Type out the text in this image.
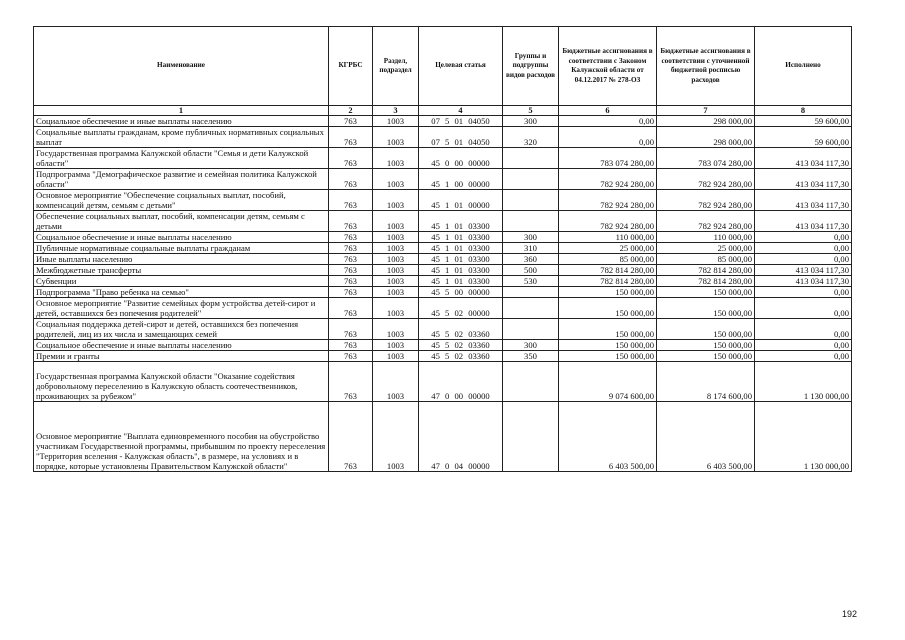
Наименование	КГРБС	Раздел, подраздел	Целевая статья	Группы и подгруппы видов расходов	Бюджетные ассигнования в соответствии с Законом Калужской области от 04.12.2017 № 278-ОЗ	Бюджетные ассигнования в соответствии с уточненной бюджетной росписью расходов	Исполнено
1	2	3	4	5	6	7	8
Социальное обеспечение и иные выплаты населению	763	1003	07 5 01 04050	300	0,00	298 000,00	59 600,00
Социальные выплаты гражданам, кроме публичных нормативных социальных выплат	763	1003	07 5 01 04050	320	0,00	298 000,00	59 600,00
Государственная программа Калужской области "Семья и дети Калужской области"	763	1003	45 0 00 00000		783 074 280,00	783 074 280,00	413 034 117,30
Подпрограмма "Демографическое развитие и семейная политика Калужской области"	763	1003	45 1 00 00000		782 924 280,00	782 924 280,00	413 034 117,30
Основное мероприятие "Обеспечение социальных выплат, пособий, компенсаций детям, семьям с детьми"	763	1003	45 1 01 00000		782 924 280,00	782 924 280,00	413 034 117,30
Обеспечение социальных выплат, пособий, компенсации детям, семьям с детьми	763	1003	45 1 01 03300		782 924 280,00	782 924 280,00	413 034 117,30
Социальное обеспечение и иные выплаты населению	763	1003	45 1 01 03300	300	110 000,00	110 000,00	0,00
Публичные нормативные социальные выплаты гражданам	763	1003	45 1 01 03300	310	25 000,00	25 000,00	0,00
Иные выплаты населению	763	1003	45 1 01 03300	360	85 000,00	85 000,00	0,00
Межбюджетные трансферты	763	1003	45 1 01 03300	500	782 814 280,00	782 814 280,00	413 034 117,30
Субвенции	763	1003	45 1 01 03300	530	782 814 280,00	782 814 280,00	413 034 117,30
Подпрограмма "Право ребенка на семью"	763	1003	45 5 00 00000		150 000,00	150 000,00	0,00
Основное мероприятие "Развитие семейных форм устройства детей-сирот и детей, оставшихся без попечения родителей"	763	1003	45 5 02 00000		150 000,00	150 000,00	0,00
Социальная поддержка детей-сирот и детей, оставшихся без попечения родителей, лиц из их числа и замещающих семей	763	1003	45 5 02 03360		150 000,00	150 000,00	0,00
Социальное обеспечение и иные выплаты населению	763	1003	45 5 02 03360	300	150 000,00	150 000,00	0,00
Премии и гранты	763	1003	45 5 02 03360	350	150 000,00	150 000,00	0,00
Государственная программа Калужской области "Оказание содействия добровольному переселению в Калужскую область соотечественников, проживающих за рубежом"	763	1003	47 0 00 00000		9 074 600,00	8 174 600,00	1 130 000,00
Основное мероприятие "Выплата единовременного пособия на обустройство участникам Государственной программы, прибывшим по проекту переселения "Территория вселения - Калужская область", в размере, на условиях и в порядке, которые установлены Правительством Калужской области"	763	1003	47 0 04 00000		6 403 500,00	6 403 500,00	1 130 000,00
192
